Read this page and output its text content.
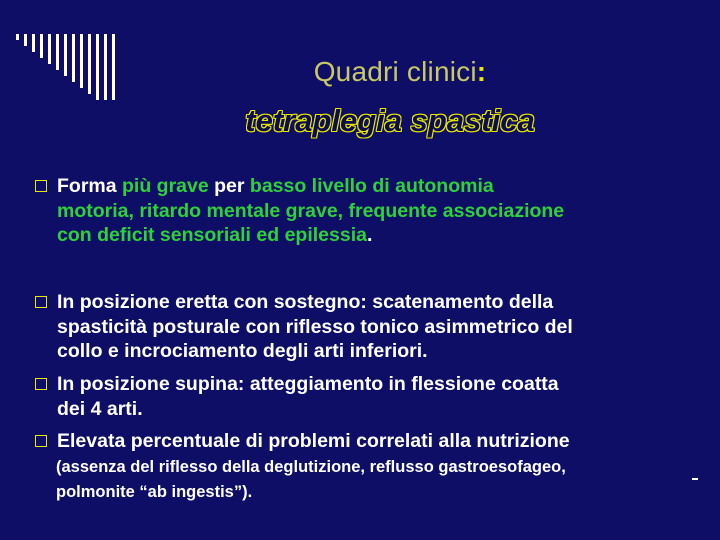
Quadri clinici:
tetraplegia spastica
Forma più grave per basso livello di autonomia
motoria, ritardo mentale grave, frequente associazione
con deficit sensoriali ed epilessia.
In posizione eretta con sostegno: scatenamento della
spasticità posturale con riflesso tonico asimmetrico del
collo e incrociamento degli arti inferiori.
In posizione supina: atteggiamento in flessione coatta
dei 4 arti.
Elevata percentuale di problemi correlati alla nutrizione
(assenza del riflesso della deglutizione, reflusso gastroesofageo,
polmonite “ab ingestis”).
